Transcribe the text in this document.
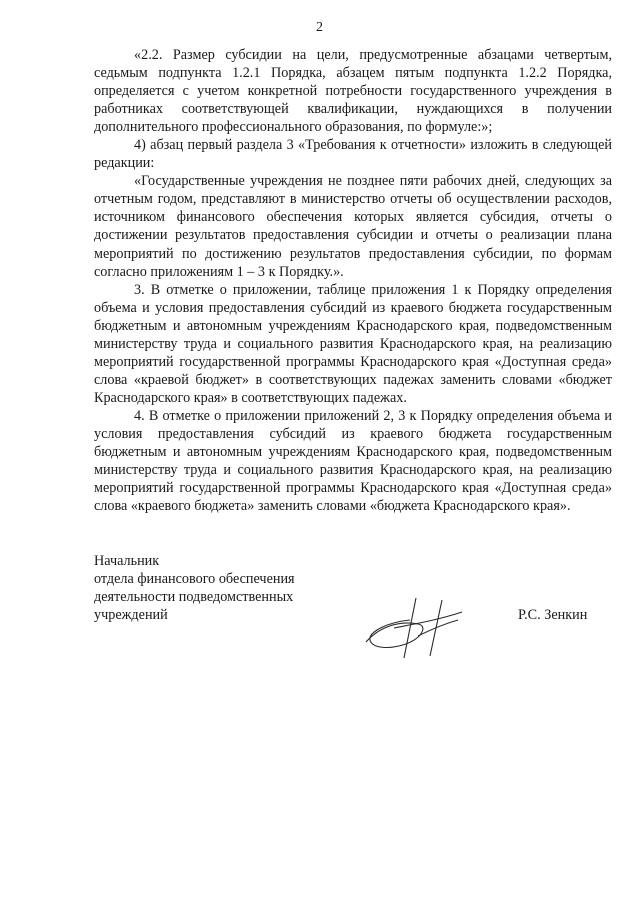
2

«2.2. Размер субсидии на цели, предусмотренные абзацами четвертым, седьмым подпункта 1.2.1 Порядка, абзацем пятым подпункта 1.2.2 Порядка, определяется с учетом конкретной потребности государственного учреждения в работниках соответствующей квалификации, нуждающихся в получении дополнительного профессионального образования, по формуле:»;

4) абзац первый раздела 3 «Требования к отчетности» изложить в следующей редакции:

«Государственные учреждения не позднее пяти рабочих дней, следующих за отчетным годом, представляют в министерство отчеты об осуществлении расходов, источником финансового обеспечения которых является субсидия, отчеты о достижении результатов предоставления субсидии и отчеты о реализации плана мероприятий по достижению результатов предоставления субсидии, по формам согласно приложениям 1 – 3 к Порядку.».

3. В отметке о приложении, таблице приложения 1 к Порядку определения объема и условия предоставления субсидий из краевого бюджета государственным бюджетным и автономным учреждениям Краснодарского края, подведомственным министерству труда и социального развития Краснодарского края, на реализацию мероприятий государственной программы Краснодарского края «Доступная среда» слова «краевой бюджет» в соответствующих падежах заменить словами «бюджет Краснодарского края» в соответствующих падежах.

4. В отметке о приложении приложений 2, 3 к Порядку определения объема и условия предоставления субсидий из краевого бюджета государственным бюджетным и автономным учреждениям Краснодарского края, подведомственным министерству труда и социального развития Краснодарского края, на реализацию мероприятий государственной программы Краснодарского края «Доступная среда» слова «краевого бюджета» заменить словами «бюджета Краснодарского края».

Начальник
отдела финансового обеспечения
деятельности подведомственных
учреждений	Р.С. Зенкин
